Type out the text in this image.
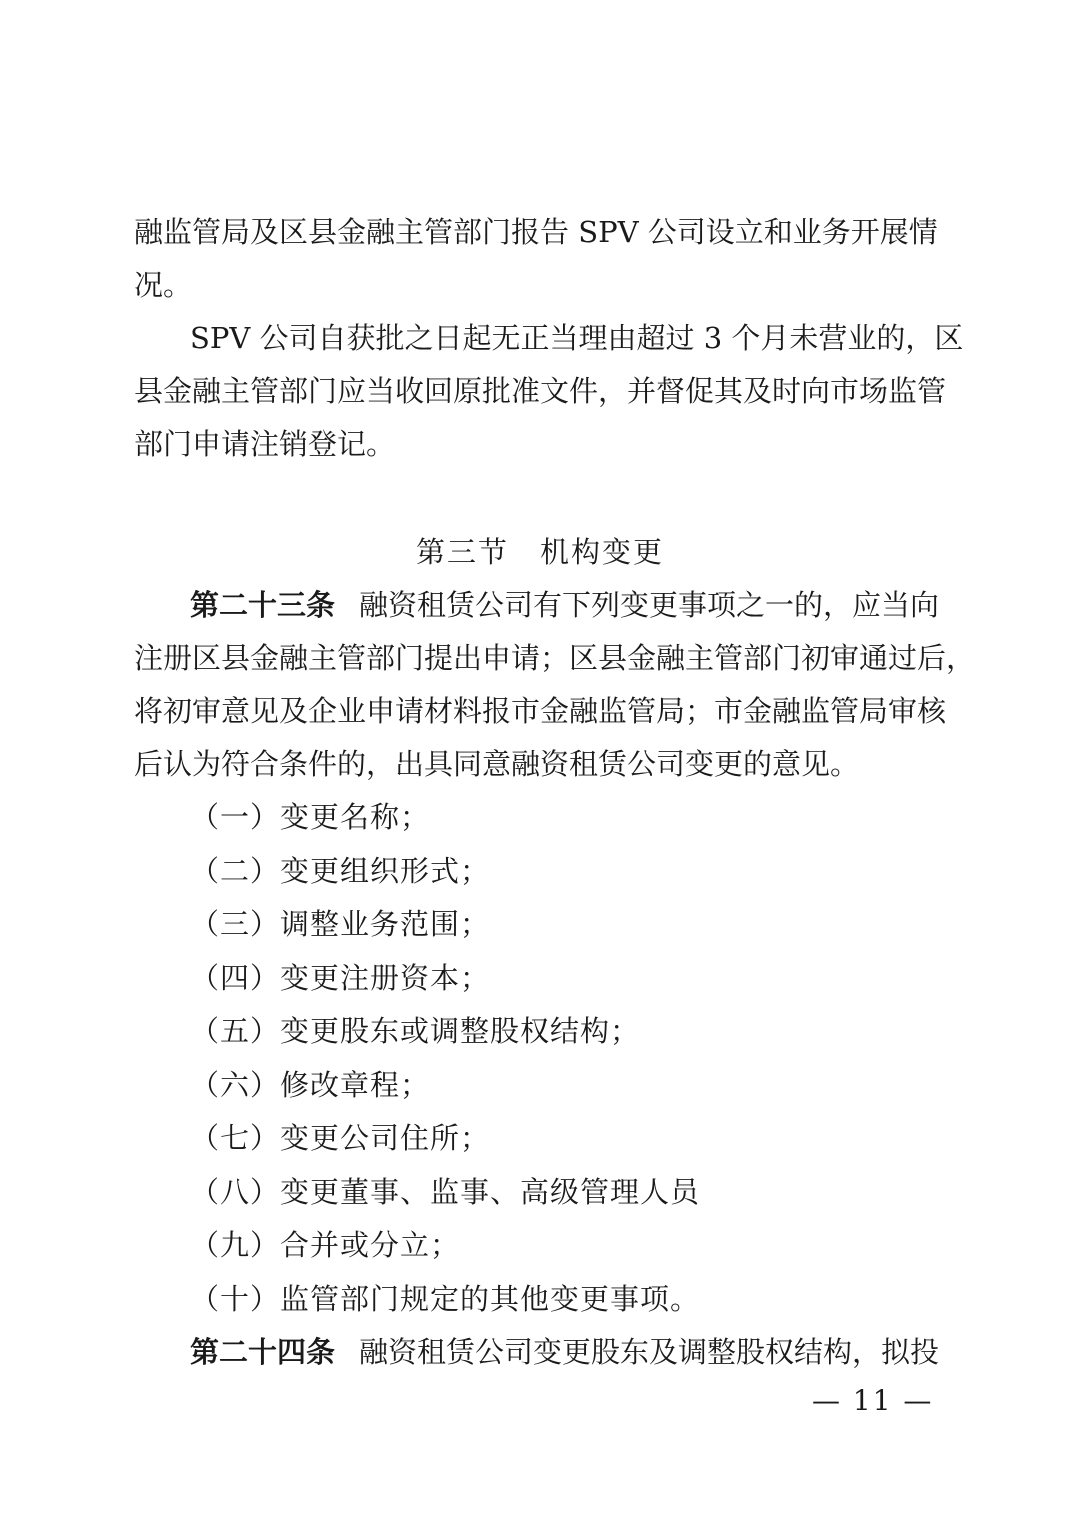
融监管局及区县金融主管部门报告 SPV 公司设立和业务开展情
况。
SPV 公司自获批之日起无正当理由超过 3 个月未营业的，区
县金融主管部门应当收回原批准文件，并督促其及时向市场监管
部门申请注销登记。
第三节　机构变更
第二十三条 融资租赁公司有下列变更事项之一的，应当向
注册区县金融主管部门提出申请；区县金融主管部门初审通过后，
将初审意见及企业申请材料报市金融监管局；市金融监管局审核
后认为符合条件的，出具同意融资租赁公司变更的意见。
（一）变更名称；
（二）变更组织形式；
（三）调整业务范围；
（四）变更注册资本；
（五）变更股东或调整股权结构；
（六）修改章程；
（七）变更公司住所；
（八）变更董事、监事、高级管理人员
（九）合并或分立；
（十）监管部门规定的其他变更事项。
第二十四条 融资租赁公司变更股东及调整股权结构，拟投
— 11 —
